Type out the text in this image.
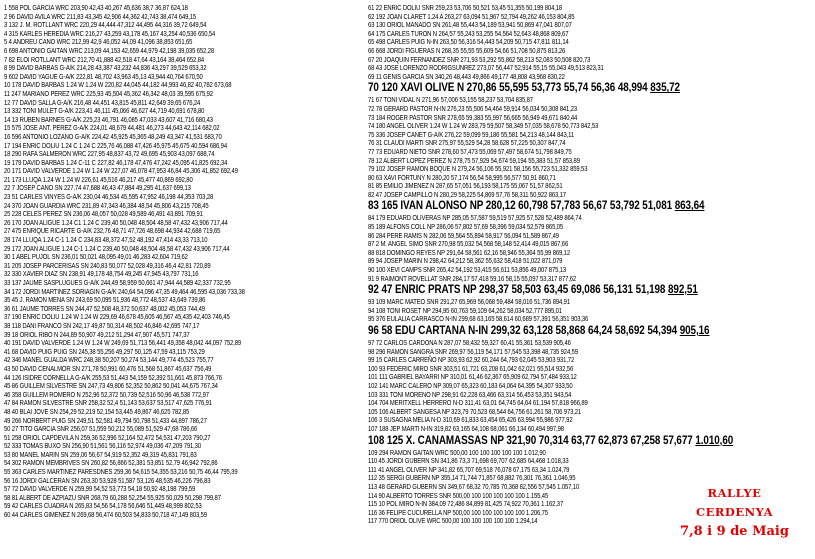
1 558 POL GARCIA WRC 203,90 42,43 40,267 45,636 38,7 36,87 624,18
2 96 DAVID AVILA WRC 211,83 43,345 42,906 44,362 42,743 38,474 649,15
3 132 J. M. ROTLLANT WRC 220,29 44,444 47,312 44,495 44,316 39,72 649,54
4 315 KARLES HEREDIA WRC 216,27 43,259 43,178 45,167 43,254 40,536 650,54
5 4 ANDREU CANO WRC 212,99 42,9 46,052 44,09 41,096 38,853 651,65
6 698 ANTONIO GAITAN WRC 213,09 44,153 42,659 44,979 42,198 39,035 652,28
7 82 ELOI ROTLLANT WRC 212,70 41,888 42,518 47,64 43,164 38,464 652,84
8 99 DAVID BARBAS G-A/K 214,28 43,387 43,232 44,836 43,297 39,529 653,32
9 602 DAVID YAGUE G-A/K 222,81 48,702 43,963 45,13 43,944 40,764 670,50
10 178 DAVID BARBAS 1.24 W 1.24 W 220,82 44,045 44,182 44,993 46,82 40,782 673,68
11 247 MARIANO PEREZ WRC 225,93 45,504 45,362 46,342 48,03 39,595 675,92
12 77 DAVID SALLA G-A/K 216,48 44,451 43,815 45,811 42,649 39,65 676,24
13 332 TONI MULET G-A/K 223,41 46,111 45,066 46,627 44,719 40,691 678,80
14 13 RUBEN BARNES G-A/K 225,23 46,791 46,085 47,033 43,607 41,716 680,43
15 575 JOSE ANT. PEREZ G-A/K 224,01 48,679 44,481 46,273 44,643 42,114 682,02
16 596 ANTONIO LOZANO G-A/K 224,42 45,925 45,365 48,249 43,347 41,531 683,70
17 194 ENRIC DOLIU 1.24 C 1.24 C 225,76 46,088 47,426 45,975 45,675 40,594 686,94
18 290 RAFA SALMERON WRC 227,95 48,837 43,72 49,695 45,903 43,097 688,74
19 179 DAVID BARBAS 1.24 C-11 C 227,82 46,178 47,476 47,242 45,095 41,825 692,34
20 171 DAVID VALVERDE 1.24 W 1.24 W 227,07 46,078 47,953 46,84 45,306 41,852 692,49
21 173 LLUQA 1.24 W 1.24 W 226,61 45,516 46,217 45,477 40,869 692,80
22 7 JOSEP CANO SN 227,74 47,688 46,43 47,884 49,295 41,637 699,13
23 51 CARLES VINYES G-A/K 230,04 46,534 45,595 47,952 46,198 44,353 703,28
24 370 JOAN GUARDIA WRC 231,89 47,343 46,384 48,54 45,806 43,215 708,45
25 228 CELES PEREZ SN 236,06 48,057 50,028 49,589 46,491 43,891 709,91
26 170 JOAN ALIGUE 1.24 C1 1.24 C 239,40 50,048 48,504 48,58 47,432 43,906 717,44
27 475 ENRIQUE RICARTE G-A/K 232,76 48,71 47,726 48,698 44,934 42,688 719,65
28 174 LLUQA 1.24 C-1 1.24 C 234,83 48,372 47,52 48,192 47,414 43,33 713,10
29 172 JOAN ALIGUE 1.24 C-1 1.24 C 239,40 50,048 48,504 48,58 47,432 43,906 717,44
30 1 ABEL PUJOL SN 236,01 50,021 48,095 49,01 46,283 42,604 719,62
31 205 JOSEP PARCERISAS SN 240,83 50,077 52,028 49,316 46,4 42,81 720,89
32 330 XAVIER DIAZ SN 238,91 49,178 48,754 49,245 47,945 43,797 731,16
33 137 JAUME SASPLUGUES G-A/K 244,49 58,959 50,661 47,944 44,589 42,337 732,95
34 172 JORDI MARTINEZ SORIAGIN G-A/K 240,64 54,096 47,35 49,464 46,595 43,036 733,38
35 45 J. RAMON MENA SN 243,69 50,095 51,936 48,772 48,537 43,649 739,86
36 61 JAUME TORRES SN 244,47 52,508 48,372 50,637 48,002 45,053 744,49
37 190 ENRIC DOLIU 1.24 W 1.24 W 229,69 46,678 45,605 46,567 45,435 42,403 746,45
38 118 DANI FRANCO SN 242,17 49,87 50,314 48,502 46,846 42,695 747,17
39 18 ORIOL RIBO N 244,89 50,907 49,212 51,294 47,907 45,571 747,37
40 191 DAVID VALVERDE 1.24 W 1.24 W 249,69 51,713 56,441 49,358 48,042 44,097 752,89
41 68 DAVID PUIG PUIG SN 245,38 55,256 49,297 50,125 47,59 43,115 753,29
42 346 MANEL GUALDA WRC 248,38 50,207 50,274 53,144 49,774 45,523 755,77
43 50 DAVID CENALMOR SN 271,78 50,991 60,476 51,568 51,867 45,637 756,49
44 126 ISIDRE CORNELLA G-A/K 255,53 51,443 54,159 52,392 51,661 45,873 766,76
45 86 GUILLEM SILVESTRE SN 247,73 49,806 52,352 50,862 50,041 44,675 767,34
46 358 GUILLEM ROMERO N 252,96 52,372 50,739 52,516 50,96 46,538 772,97
47 84 RAMON SILVESTRE SNR 258,32 52,4 51,143 53,637 53,517 47,625 776,91
48 40 BLAI JOVE SN 254,29 52,219 52,154 53,445 49,867 46,625 782,85
49 266 NORBERT PUIG SN 249,51 52,581 49,794 50,798 51,433 44,897 786,27
50 27 TITO GARCIA SNR 256,07 51,559 50,212 55,089 51,529 47,68 786,66
51 258 ORIOL CAPDEVILA N 259,36 52,996 52,164 52,472 54,531 47,203 790,27
52 333 TOMAS BUXO SN 256,90 51,561 56,116 52,974 49,036 47,209 791,30
53 80 MANEL MARIN SN 259,06 56,67 54,919 52,352 49,319 45,831 791,83
54 302 RAMON MEMBRIVES SN 260,82 56,866 52,381 53,851 52,79 46,942 792,86
55 363 CARLES MARTINEZ PARESDNES 259,36 54,615 54,355 53,216 50,75 46,44 795,39
56 16 JORDI GALCERAN SN 263,30 53,928 51,587 53,126 48,535 46,226 796,83
57 72 DAVID VALVERDE N 259,99 54,52 53,773 54,18 50,92 48,198 799,59
58 81 ALBERT DE AZPIAZU SNR 268,79 60,288 52,254 55,925 50,029 50,298 799,87
59 42 CARLES CUADRA N 265,83 54,56 54,178 56,646 51,449 48,999 802,53
60 44 CARLES GIMENEZ N 269,68 56,474 60,503 54,833 50,718 47,149 803,59
61 22 ENRIC DOLIU SNR 259,23 53,706 50,521 53,45 51,355 50,199 804,18
62 192 JOAN CLARET 1.24 A 263,27 63,094 51,967 52,794 49,262 46,153 804,85
63 130 ORIOL MANADO SN 261,48 55,443 54,189 53,941 50,869 47,041 807,07
64 175 CARLES TURON N 264,57 55,243 53,255 54,564 52,643 48,868 809,67
65 498 CARLES PUIG N-IN 263,50 56,316 54,443 54,209 50,715 47,811 811,14
66 668 JORDI FIGUERAS N 268,35 55,55 55,609 54,66 51,708 50,875 813,26
67 20 JOAQUIN FERNANDEZ SNR 271,93 53,292 55,862 58,213 52,083 50,508 820,73
68 43 JOSE LORENZO RODRIGSUNREZ 273,07 56,447 52,914 55,15 55,043 49,513 823,31
69 11 GENIS GARCIA SN 340,26 48,443 49,866 49,177 48,808 43,968 830,22
70 120 XAVI OLIVE N 270,86 55,595 53,773 55,74 56,36 48,994 835,72
71 67 TONI VIDAL N 271,96 57,006 53,155 58,237 53,704 835,87
72 78 GERARD PASTOR N-IN 276,23 55,506 54,464 59,914 56,034 50,308 841,23
73 184 ROGER PASTOR SNR 278,65 59,383 55,997 56,665 56,949 49,671 840,44
74 180 ANGEL OLIVER 1.24 W 1.24 W 283,79 59,507 58,349 57,035 58,678 50,773 842,53
75 336 JOSEP CANET G-A/K 276,22 59,099 59,186 55,581 54,213 48,144 843,11
76 31 CLAUDI MARTI SNR 275,97 55,529 54,28 58,628 57,225 50,307 847,74
77 73 EDUARD NIETO SNR 278,60 57,473 55,069 57,497 58,674 51,798 849,75
78 12 ALBERT LOPEZ PEREZ N 278,75 57,929 54,674 59,194 55,383 51,57 853,89
79 102 JOSEP RAMON BOQUE N 279,24 56,106 55,921 58,156 55,723 51,332 859,53
80 63 XAVI FORTUNY N 280,20 57,174 56,54 58,995 56,577 50,91 860,71
81 85 EMILIO JIMENEZ N 287,65 57,051 56,193 58,175 55,067 51,57 862,51
82 47 JOSEP CAMPILLO N 280,29 58,225 54,869 57,76 58,311 50,922 863,17
83 165 IVAN ALONSO NP 280,12 60,798 57,783 56,67 53,792 51,081 863,64
84 179 EDUARD OLIVERAS NP 285,05 57,587 59,519 57,925 57,528 52,489 864,74
85 189 ALFONS COLL NP 286,06 57,802 57,69 58,396 59,034 52,579 865,05
86 284 PERE RAMIS N 282,06 59,564 55,894 58,917 56,094 51,589 867,49
87 2 M. ANGEL SIMO SNR 270,98 55,032 54,568 58,148 52,414 49,015 867,66
88 818 DOMINGO REYES NP 291,64 58,561 62,16 58,946 55,364 55,99 869,12
89 94 JOSEP MARIN N 298,42 64,212 58,362 55,632 58,418 51,022 871,079
90 100 XEVI CAMPS SNR 265,42 54,192 53,415 56,611 53,856 49,007 875,13
91 9 RAIMONT ROVELLAT SNR 284,17 57,418 59,16 58,15 55,097 53,317 877,62
92 47 ENRIC PRATS NP 298,37 58,503 63,45 69,086 56,131 51,198 892,51
93 109 MARC MATEO SNR 291,27 65,969 56,068 59,484 58,016 51,736 894,91
94 108 TONI ROSET NP 294,95 60,763 59,109 64,262 58,034 52,777 895,01
95 376 EULALIA CARRASCO N-IN 299,68 63,165 58,614 60,689 57,391 56,351 903,36
96 58 EDU CARTANA N-IN 299,32 63,128 58,868 64,24 58,692 54,394 905,16
97 72 CARLOS CARDONA N 287,07 58,432 59,327 60,41 55,361 53,539 905,46
98 296 RAMON SANGRA SNR 269,97 56,119 54,171 57,545 53,398 48,735 924,59
99 15 CARLES CARREÑO NP 303,93 62,92 60,244 64,793 62,045 53,903 931,72
100 93 FEDERIC MIRO SNR 303,51 61,721 63,208 61,042 62,021 55,514 932,56
101 111 GABRIEL BAYARRI NP 310,01 61,46 62,367 65,909 62,794 57,484 933,12
102 141 MARC CALERO NP 309,07 65,323 60,183 64,064 64,395 54,307 933,50
103 331 TONI MORENO NP 298,91 62,228 63,466 63,314 56,453 53,351 943,54
104 704 MERITXELL HERRERO N-D 311,41 63,01 64,745 64,64 61,194 57,818 966,89
105 106 ALBERT SANGESA NP 323,79 70,523 68,544 64,756 61,261 58,706 973,21
106 3 SUSAGNA MELIA N-D 310,69 61,833 63,454 65,426 63,994 55,986 977,92
107 188 JEP MARTI N-IN 319,82 63,165 64,108 68,061 66,134 60,494 997,98
108 125 X. CANAMASSAS NP 321,90 70,314 63,77 62,873 67,258 57,677 1.010,60
109 294 RAMON GAITAN WRC 500,00 100 100 100 100 100 1.012,90
110 45 JORDI GUBERN SN 341,86 73,3 71,698 69,707 62,685 64,468 1.018,33
111 41 ANGEL OLIVER NP 341,82 65,707 69,518 76,078 67,175 63,34 1.024,79
112 35 SERGI GUBERN NP 355,14 71,744 71,857 68,882 76,301 76,361 1.046,95
113 48 GERARD GUBERN SN 349,67 68,32 70,785 70,368 82,556 57,545 1.057,10
114 90 ALBERTO TORRES SNR 500,00 100 100 100 100 100 1.155,45
115 10 POL MIRO N-IN 384,09 72,486 84,899 81,425 74,922 70,361 1.162,37
116 36 FELIPE CUCURELLA NP 500,00 100 100 100 100 100 1.206,75
117 770 ORIOL OLIVE WRC 500,00 100 100 100 100 100 1.294,14
RALLYE
CERDENYA
7,8 i 9 de Maig
